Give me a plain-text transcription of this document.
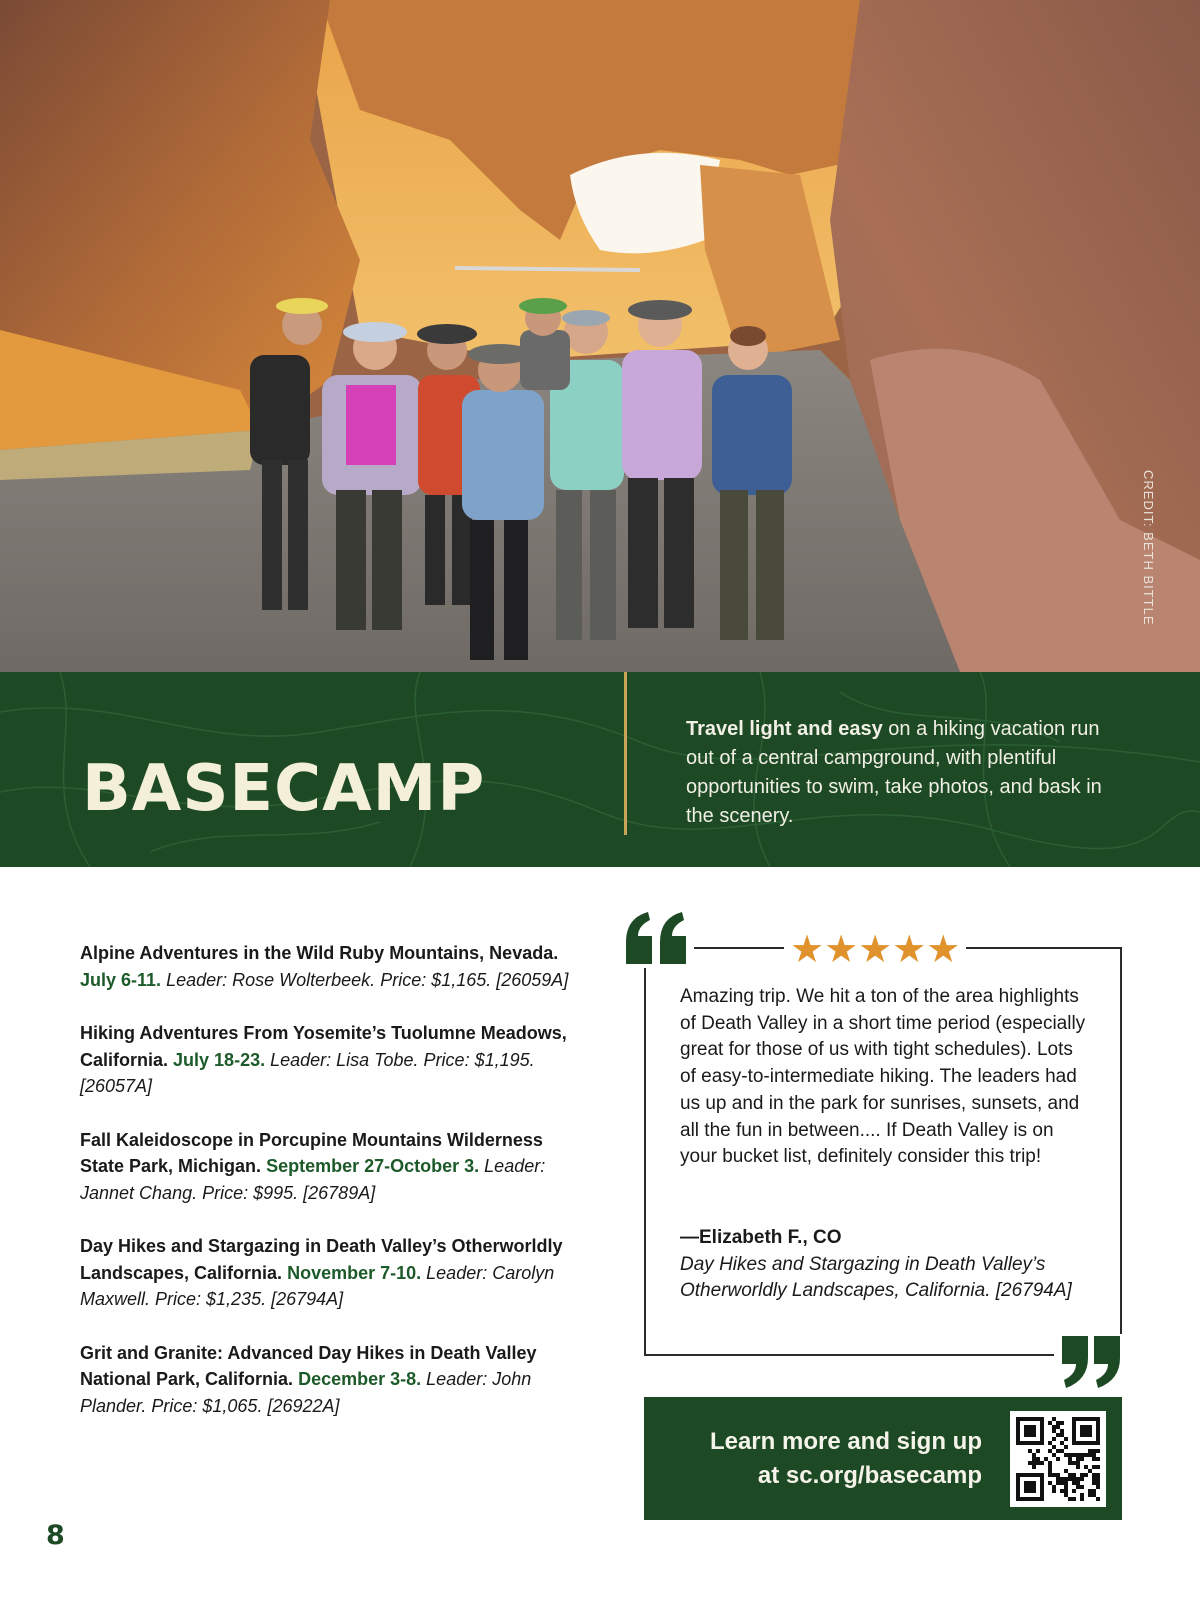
CREDIT: BETH BITTLE
BASECAMP
Travel light and easy on a hiking vacation run out of a central campground, with plentiful opportunities to swim, take photos, and bask in the scenery.
Alpine Adventures in the Wild Ruby Mountains, Nevada. July 6-11. Leader: Rose Wolterbeek. Price: $1,165. [26059A]
Hiking Adventures From Yosemite’s Tuolumne Meadows, California. July 18-23. Leader: Lisa Tobe. Price: $1,195. [26057A]
Fall Kaleidoscope in Porcupine Mountains Wilderness State Park, Michigan. September 27-October 3. Leader: Jannet Chang. Price: $995. [26789A]
Day Hikes and Stargazing in Death Valley’s Otherworldly Landscapes, California. November 7-10. Leader: Carolyn Maxwell. Price: $1,235. [26794A]
Grit and Granite: Advanced Day Hikes in Death Valley National Park, California. December 3-8. Leader: John Plander. Price: $1,065. [26922A]
★★★★★
Amazing trip. We hit a ton of the area highlights of Death Valley in a short time period (especially great for those of us with tight schedules). Lots of easy-to-intermediate hiking. The leaders had us up and in the park for sunrises, sunsets, and all the fun in between.... If Death Valley is on your bucket list, definitely consider this trip!
—Elizabeth F., CO
Day Hikes and Stargazing in Death Valley’s Otherworldly Landscapes, California. [26794A]
Learn more and sign up
at sc.org/basecamp
8
